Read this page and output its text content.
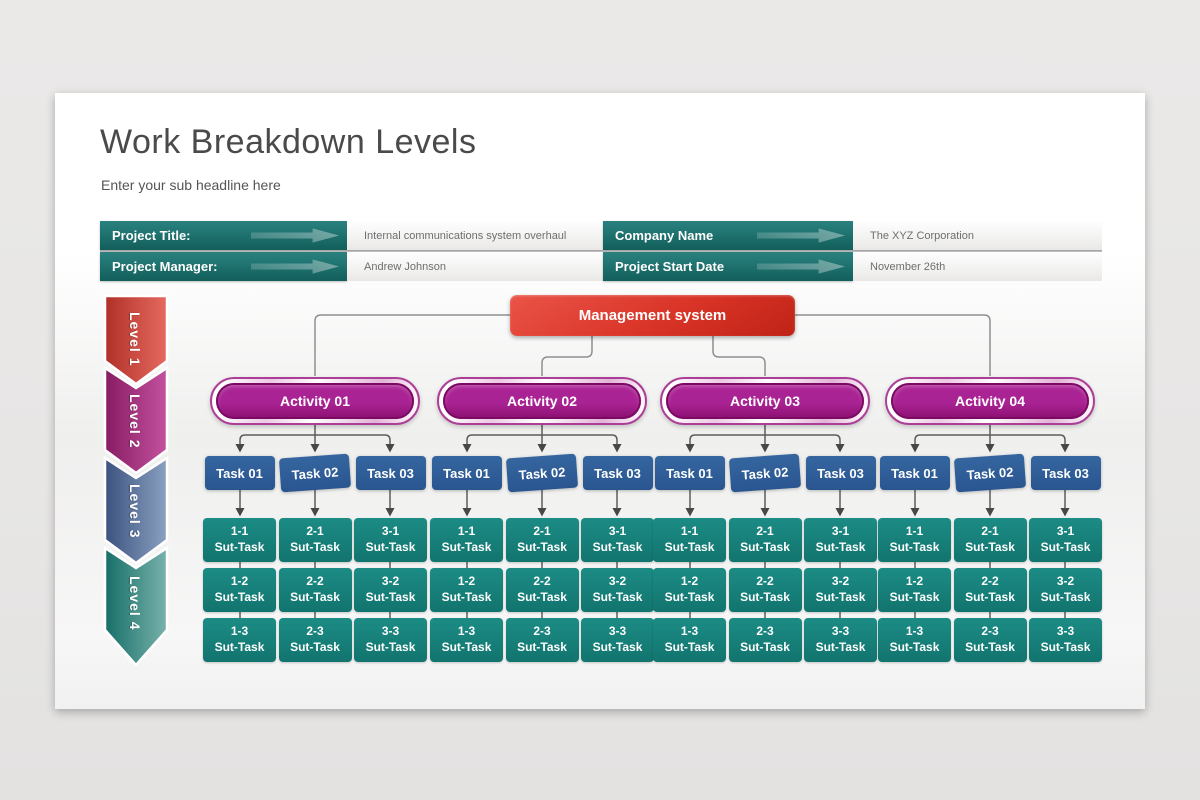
Work Breakdown Levels
Enter your sub headline here
Project Title:	Internal communications system overhaul	Company Name	The XYZ Corporation
Project Manager:	Andrew Johnson	Project Start Date	November 26th
Level 1
Level 2
Level 3
Level 4
Management system
Activity 01
Task 01
1-1
Sut-Task
1-2
Sut-Task
1-3
Sut-Task
Task 02
2-1
Sut-Task
2-2
Sut-Task
2-3
Sut-Task
Task 03
3-1
Sut-Task
3-2
Sut-Task
3-3
Sut-Task
Activity 02
Task 01
1-1
Sut-Task
1-2
Sut-Task
1-3
Sut-Task
Task 02
2-1
Sut-Task
2-2
Sut-Task
2-3
Sut-Task
Task 03
3-1
Sut-Task
3-2
Sut-Task
3-3
Sut-Task
Activity 03
Task 01
1-1
Sut-Task
1-2
Sut-Task
1-3
Sut-Task
Task 02
2-1
Sut-Task
2-2
Sut-Task
2-3
Sut-Task
Task 03
3-1
Sut-Task
3-2
Sut-Task
3-3
Sut-Task
Activity 04
Task 01
1-1
Sut-Task
1-2
Sut-Task
1-3
Sut-Task
Task 02
2-1
Sut-Task
2-2
Sut-Task
2-3
Sut-Task
Task 03
3-1
Sut-Task
3-2
Sut-Task
3-3
Sut-Task
